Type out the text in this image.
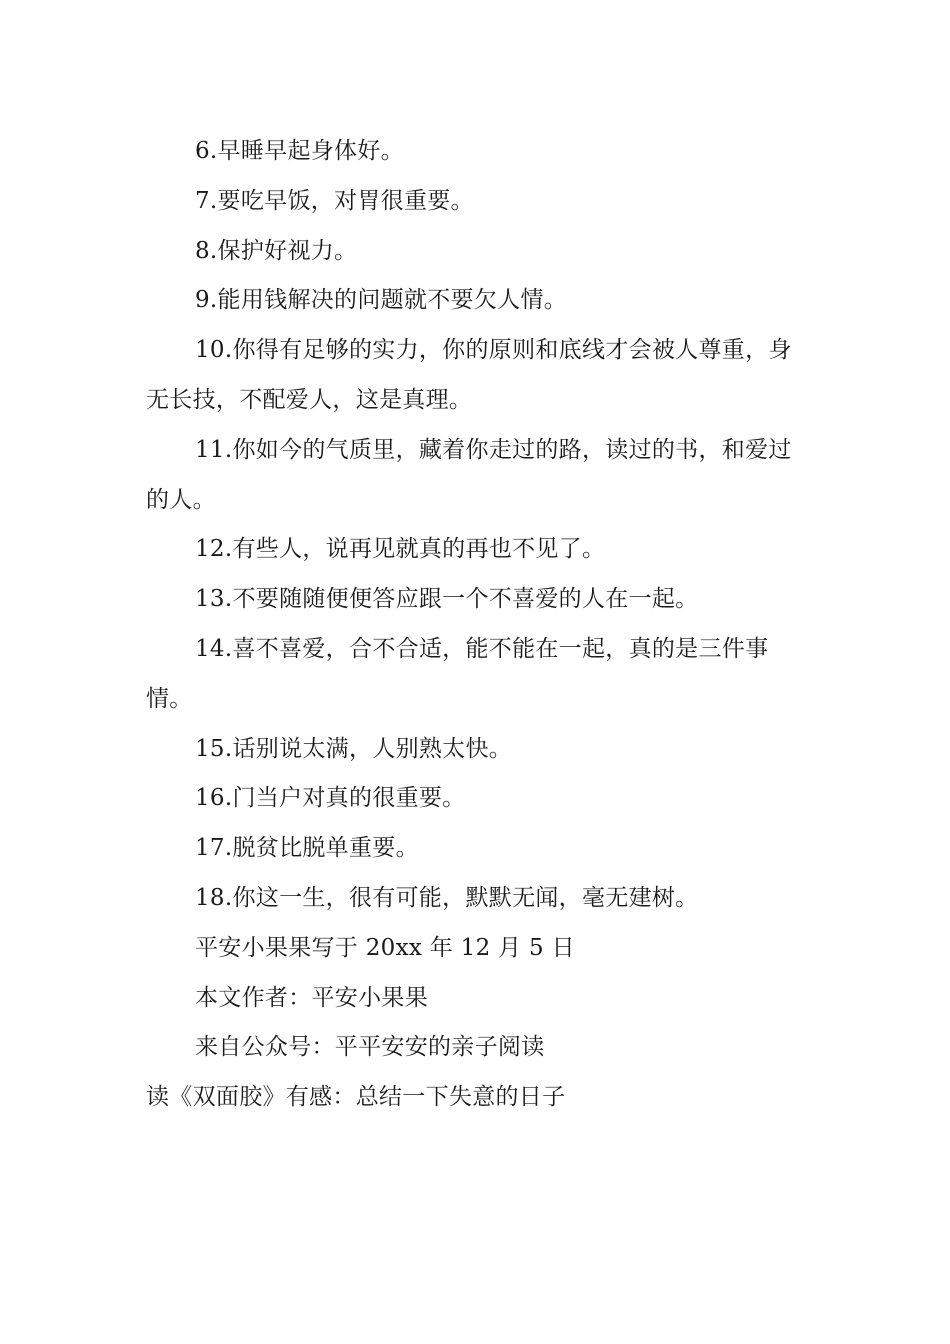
6.早睡早起身体好。

7.要吃早饭，对胃很重要。

8.保护好视力。

9.能用钱解决的问题就不要欠人情。

10.你得有足够的实力，你的原则和底线才会被人尊重，身无长技，不配爱人，这是真理。

11.你如今的气质里，藏着你走过的路，读过的书，和爱过的人。

12.有些人，说再见就真的再也不见了。

13.不要随随便便答应跟一个不喜爱的人在一起。

14.喜不喜爱，合不合适，能不能在一起，真的是三件事情。

15.话别说太满，人别熟太快。

16.门当户对真的很重要。

17.脱贫比脱单重要。

18.你这一生，很有可能，默默无闻，毫无建树。

平安小果果写于 20xx 年 12 月 5 日

本文作者：平安小果果

来自公众号：平平安安的亲子阅读

读《双面胶》有感：总结一下失意的日子
